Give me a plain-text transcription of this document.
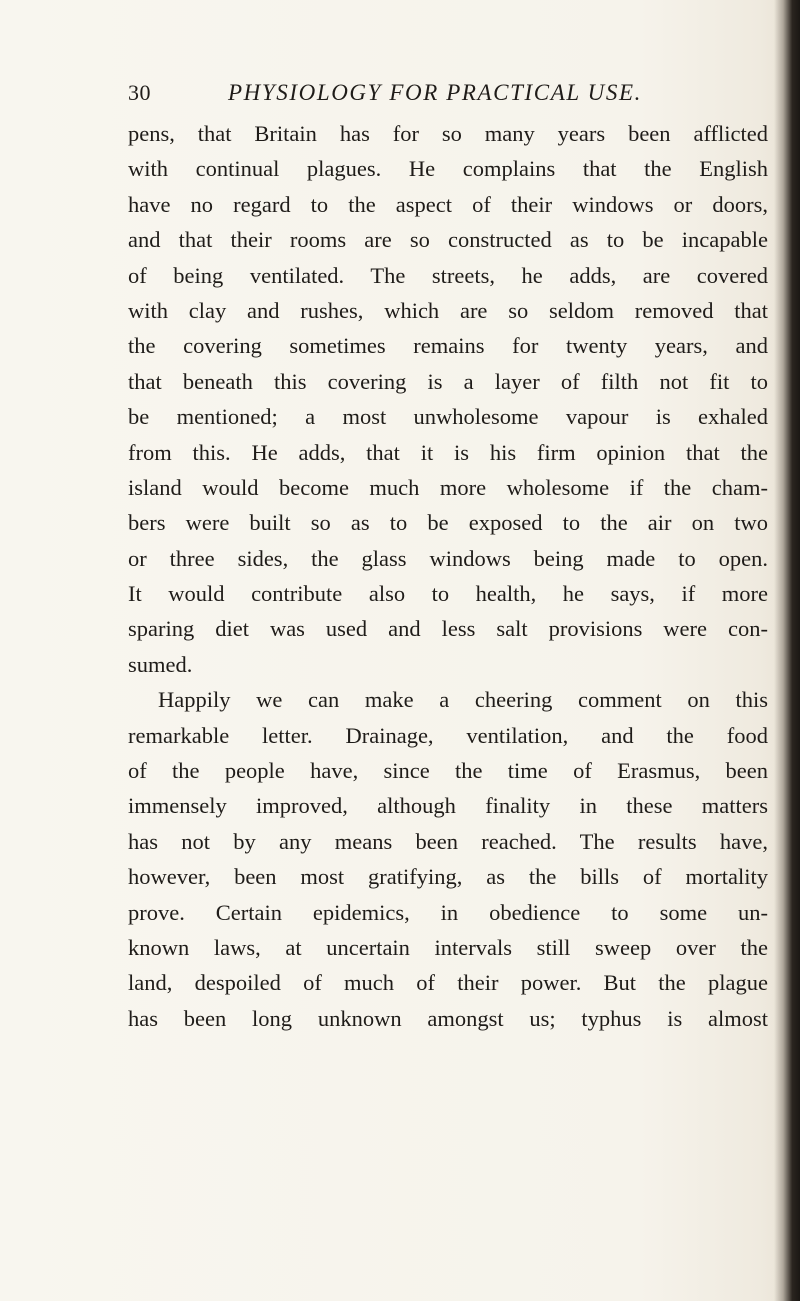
30	PHYSIOLOGY FOR PRACTICAL USE.
pens, that Britain has for so many years been afflicted
with continual plagues. He complains that the English
have no regard to the aspect of their windows or doors,
and that their rooms are so constructed as to be incapable
of being ventilated. The streets, he adds, are covered
with clay and rushes, which are so seldom removed that
the covering sometimes remains for twenty years, and
that beneath this covering is a layer of filth not fit to
be mentioned; a most unwholesome vapour is exhaled
from this. He adds, that it is his firm opinion that the
island would become much more wholesome if the cham-
bers were built so as to be exposed to the air on two
or three sides, the glass windows being made to open.
It would contribute also to health, he says, if more
sparing diet was used and less salt provisions were con-
sumed.
Happily we can make a cheering comment on this
remarkable letter. Drainage, ventilation, and the food
of the people have, since the time of Erasmus, been
immensely improved, although finality in these matters
has not by any means been reached. The results have,
however, been most gratifying, as the bills of mortality
prove. Certain epidemics, in obedience to some un-
known laws, at uncertain intervals still sweep over the
land, despoiled of much of their power. But the plague
has been long unknown amongst us; typhus is almost
